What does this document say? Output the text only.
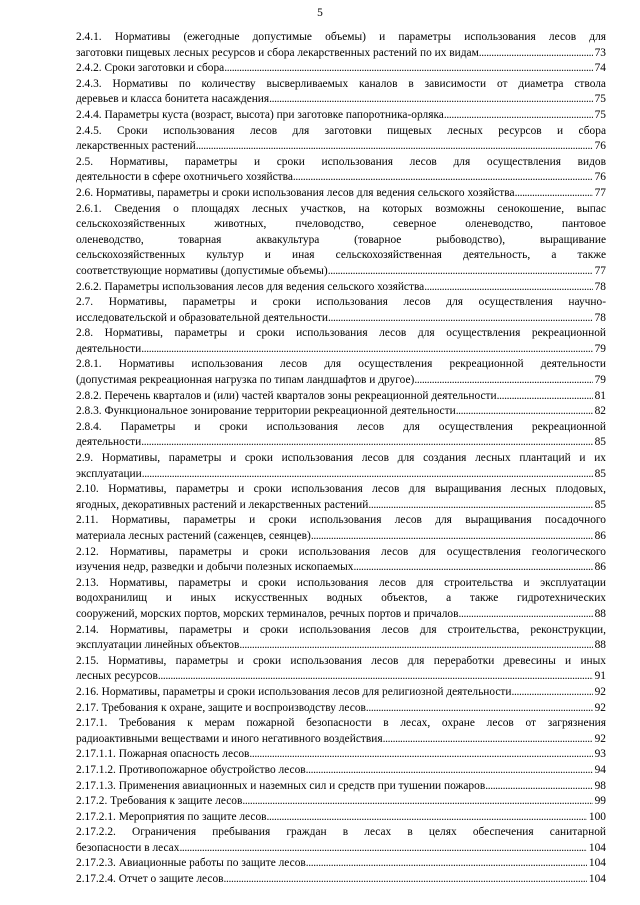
5
2.4.1. Нормативы (ежегодные допустимые объемы) и параметры использования лесов для
заготовки пищевых лесных ресурсов и сбора лекарственных растений по их видам . . .	73
2.4.2. Сроки заготовки и сбора . . .	74
2.4.3. Нормативы по количеству высверливаемых каналов в зависимости от диаметра ствола
деревьев и класса бонитета насаждения . . .	75
2.4.4. Параметры куста (возраст, высота) при заготовке папоротника-орляка . . .	75
2.4.5. Сроки использования лесов для заготовки пищевых лесных ресурсов и сбора
лекарственных растений . . .	76
2.5. Нормативы, параметры и сроки использования лесов для осуществления видов
деятельности в сфере охотничьего хозяйства . . .	76
2.6. Нормативы, параметры и сроки использования лесов для ведения сельского хозяйства . . .	77
2.6.1. Сведения о площадях лесных участков, на которых возможны сенокошение, выпас
сельскохозяйственных животных, пчеловодство, северное оленеводство, пантовое
оленеводство, товарная аквакультура (товарное рыбоводство), выращивание
сельскохозяйственных культур и иная сельскохозяйственная деятельность, а также
соответствующие нормативы (допустимые объемы) . . .	77
2.6.2. Параметры использования лесов для ведения сельского хозяйства . . .	78
2.7. Нормативы, параметры и сроки использования лесов для осуществления научно-
исследовательской и образовательной деятельности . . .	78
2.8. Нормативы, параметры и сроки использования лесов для осуществления рекреационной
деятельности . . .	79
2.8.1. Нормативы использования лесов для осуществления рекреационной деятельности
(допустимая рекреационная нагрузка по типам ландшафтов и другое) . . .	79
2.8.2. Перечень кварталов и (или) частей кварталов зоны рекреационной деятельности . . .	81
2.8.3. Функциональное зонирование территории рекреационной деятельности . . .	82
2.8.4. Параметры и сроки использования лесов для осуществления рекреационной
деятельности . . .	85
2.9. Нормативы, параметры и сроки использования лесов для создания лесных плантаций и их
эксплуатации . . .	85
2.10. Нормативы, параметры и сроки использования лесов для выращивания лесных плодовых,
ягодных, декоративных растений и лекарственных растений . . .	85
2.11. Нормативы, параметры и сроки использования лесов для выращивания посадочного
материала лесных растений (саженцев, сеянцев) . . .	86
2.12. Нормативы, параметры и сроки использования лесов для осуществления геологического
изучения недр, разведки и добычи полезных ископаемых . . .	86
2.13. Нормативы, параметры и сроки использования лесов для строительства и эксплуатации
водохранилищ и иных искусственных водных объектов, а также гидротехнических
сооружений, морских портов, морских терминалов, речных портов и причалов . . .	88
2.14. Нормативы, параметры и сроки использования лесов для строительства, реконструкции,
эксплуатации линейных объектов . . .	88
2.15. Нормативы, параметры и сроки использования лесов для переработки древесины и иных
лесных ресурсов . . .	91
2.16. Нормативы, параметры и сроки использования лесов для религиозной деятельности . . .	92
2.17. Требования к охране, защите и воспроизводству лесов . . .	92
2.17.1. Требования к мерам пожарной безопасности в лесах, охране лесов от загрязнения
радиоактивными веществами и иного негативного воздействия . . .	92
2.17.1.1. Пожарная опасность лесов . . .	93
2.17.1.2. Противопожарное обустройство лесов . . .	94
2.17.1.3. Применения авиационных и наземных сил и средств при тушении пожаров . . .	98
2.17.2. Требования к защите лесов . . .	99
2.17.2.1. Мероприятия по защите лесов . . .	100
2.17.2.2. Ограничения пребывания граждан в лесах в целях обеспечения санитарной
безопасности в лесах . . .	104
2.17.2.3. Авиационные работы по защите лесов . . .	104
2.17.2.4. Отчет о защите лесов . . .	104
